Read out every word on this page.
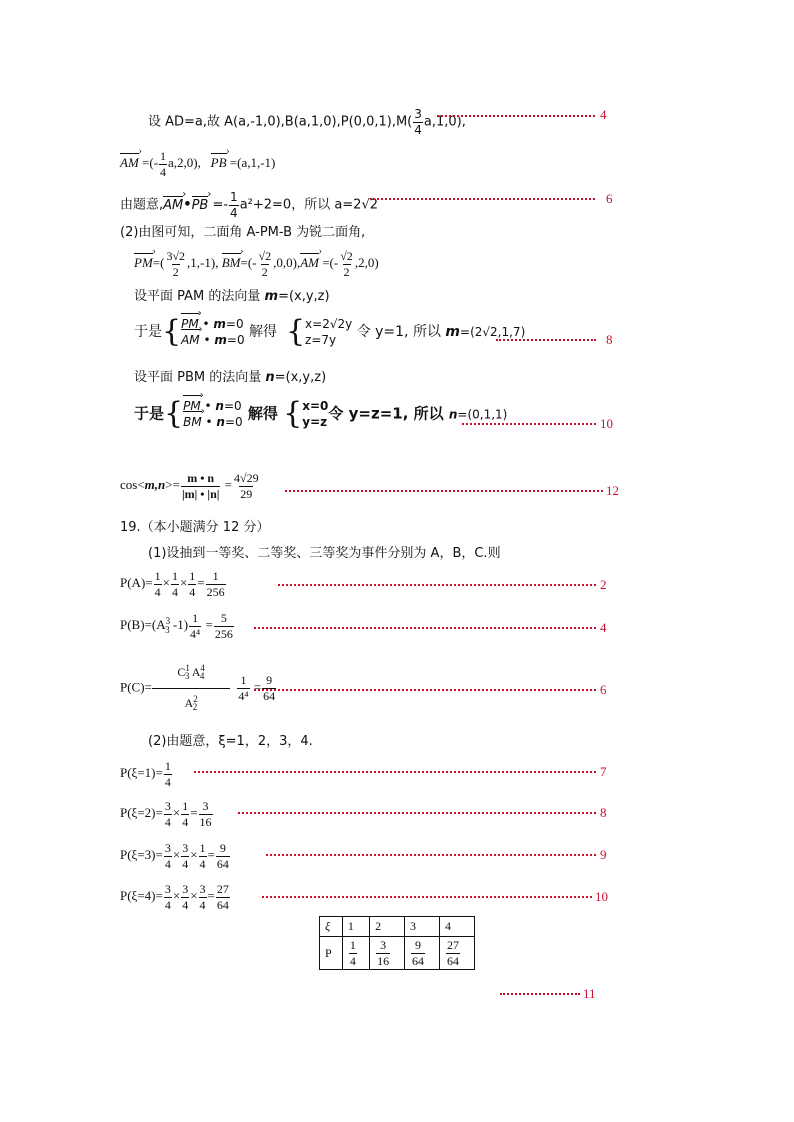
设 AD=a,故 $A(a,-1,0),B(a,1,0),P(0,0,1),M( \frac{3}{4} a,1,0)$,
4
AM › =(- $\frac{1}{4} a,2,0$), PB › =(a,1,-1)
由题意,AM ›•PB › =- $\frac{1}{4} a^2+2=0$，所以 a=2√2	6
(2)由图可知，二面角 A-PM-B 为锐二面角,
PM ›=( $\frac{3√2}{2} ,1,-1$), BM ›=(- $\frac{√2}{2} ,0,0),AM$ › =(- $\frac{√2}{2} ,2,0$)
设平面 PAM 的法向量 m=(x,y,z)
于是{ PM › • m=0
AM › • m=0 解得 { x=2√2y
z=7y	令 y=1, 所以 m=(2√2,1,7)	8
设平面 PBM 的法向量 n=(x,y,z)
于是{ PM › • n=0
BM › • n=0 解得 { x=0
y=z 令 y=z=1, 所以 n=(0,1,1)
10
$\cos<m,n>= \frac{m • n}{|m| • |n|} = \frac{4√29}{29}$	12
19.（本小题满分 12 分）
(1)设抽到一等奖、二等奖、三等奖为事件分别为 A，B，C.则
$P(A)= \frac{1}{4} \times \frac{1}{4} \times \frac{1}{4} = \frac{1}{256}$	2
$P(B)=(A^3_3$ $-1) \frac{1}{\text{4⁴}} = \frac{5}{256}$	4
$P(C)= \frac{C^1_3 A^4_4}{A^2_2}$
$\frac{1}{\text{4⁴}} = \frac{9}{64}$	6
(2)由题意，ξ=1，2，3，4.
$P(\xi=1)= \frac{1}{4}$	7
$P(\xi=2)= \frac{3}{4} \times \frac{1}{4} = \frac{3}{16}$	8
$P(\xi=3)= \frac{3}{4} \times \frac{3}{4} \times \frac{1}{4} = \frac{9}{64}$	9
$P(\xi=4)= \frac{3}{4} \times \frac{3}{4} \times \frac{3}{4} = \frac{27}{64}$	10
ξ	1	2	3	4
P	$\frac{1}{4}$	$\frac{3}{16}$	$\frac{9}{64}$	$\frac{27}{64}$
11
